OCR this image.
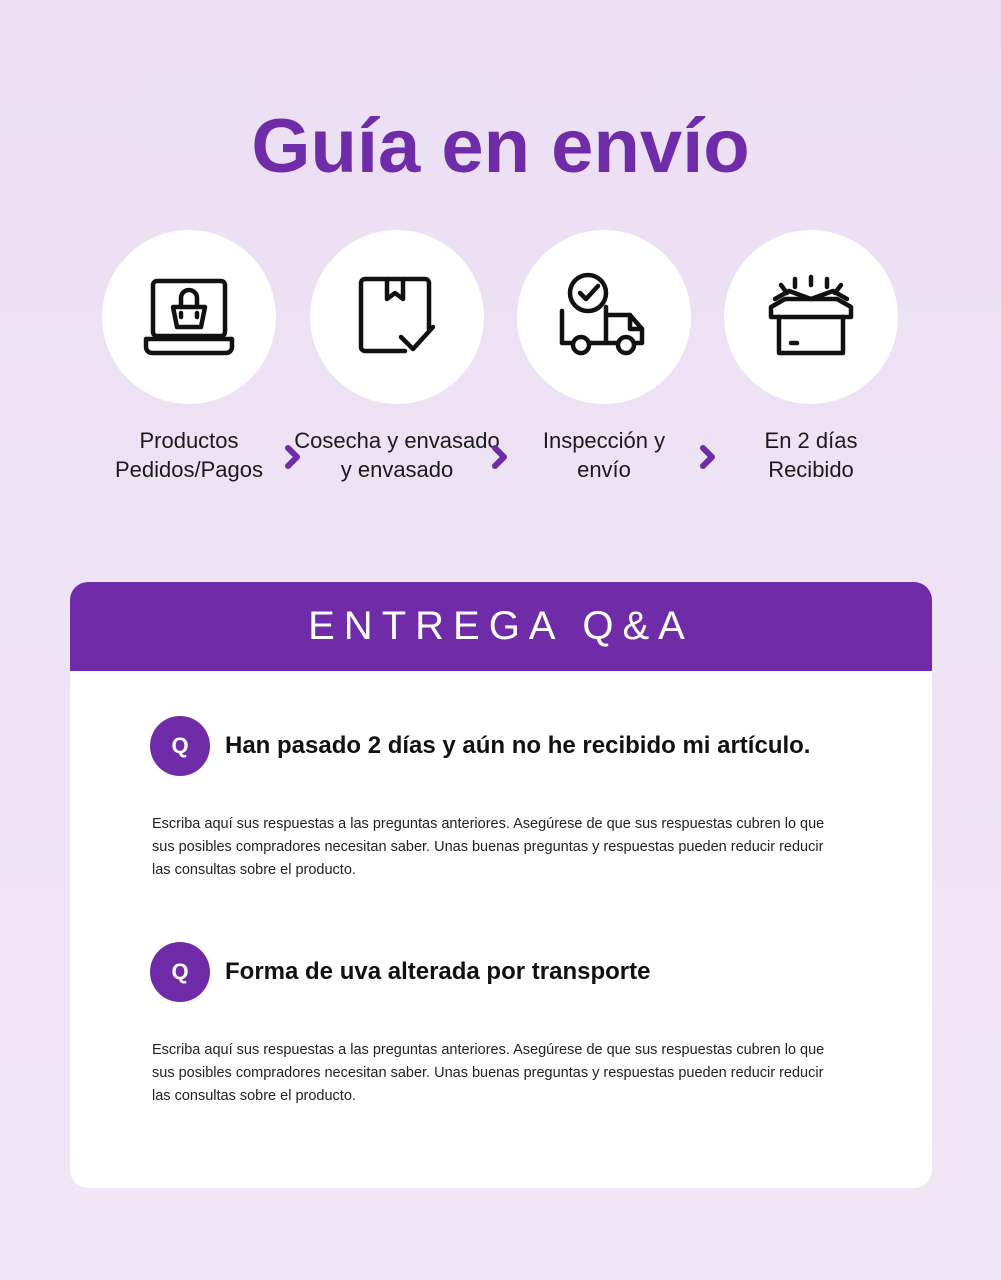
Guía en envío
Productos
Pedidos/Pagos
Cosecha y envasado
y envasado
Inspección y
envío
En 2 días
Recibido
ENTREGA Q&A
Q	Han pasado 2 días y aún no he recibido mi artículo.
Escriba aquí sus respuestas a las preguntas anteriores. Asegúrese de que sus respuestas cubren lo que sus posibles compradores necesitan saber. Unas buenas preguntas y respuestas pueden reducir reducir las consultas sobre el producto.
Q	Forma de uva alterada por transporte
Escriba aquí sus respuestas a las preguntas anteriores. Asegúrese de que sus respuestas cubren lo que sus posibles compradores necesitan saber. Unas buenas preguntas y respuestas pueden reducir reducir las consultas sobre el producto.
